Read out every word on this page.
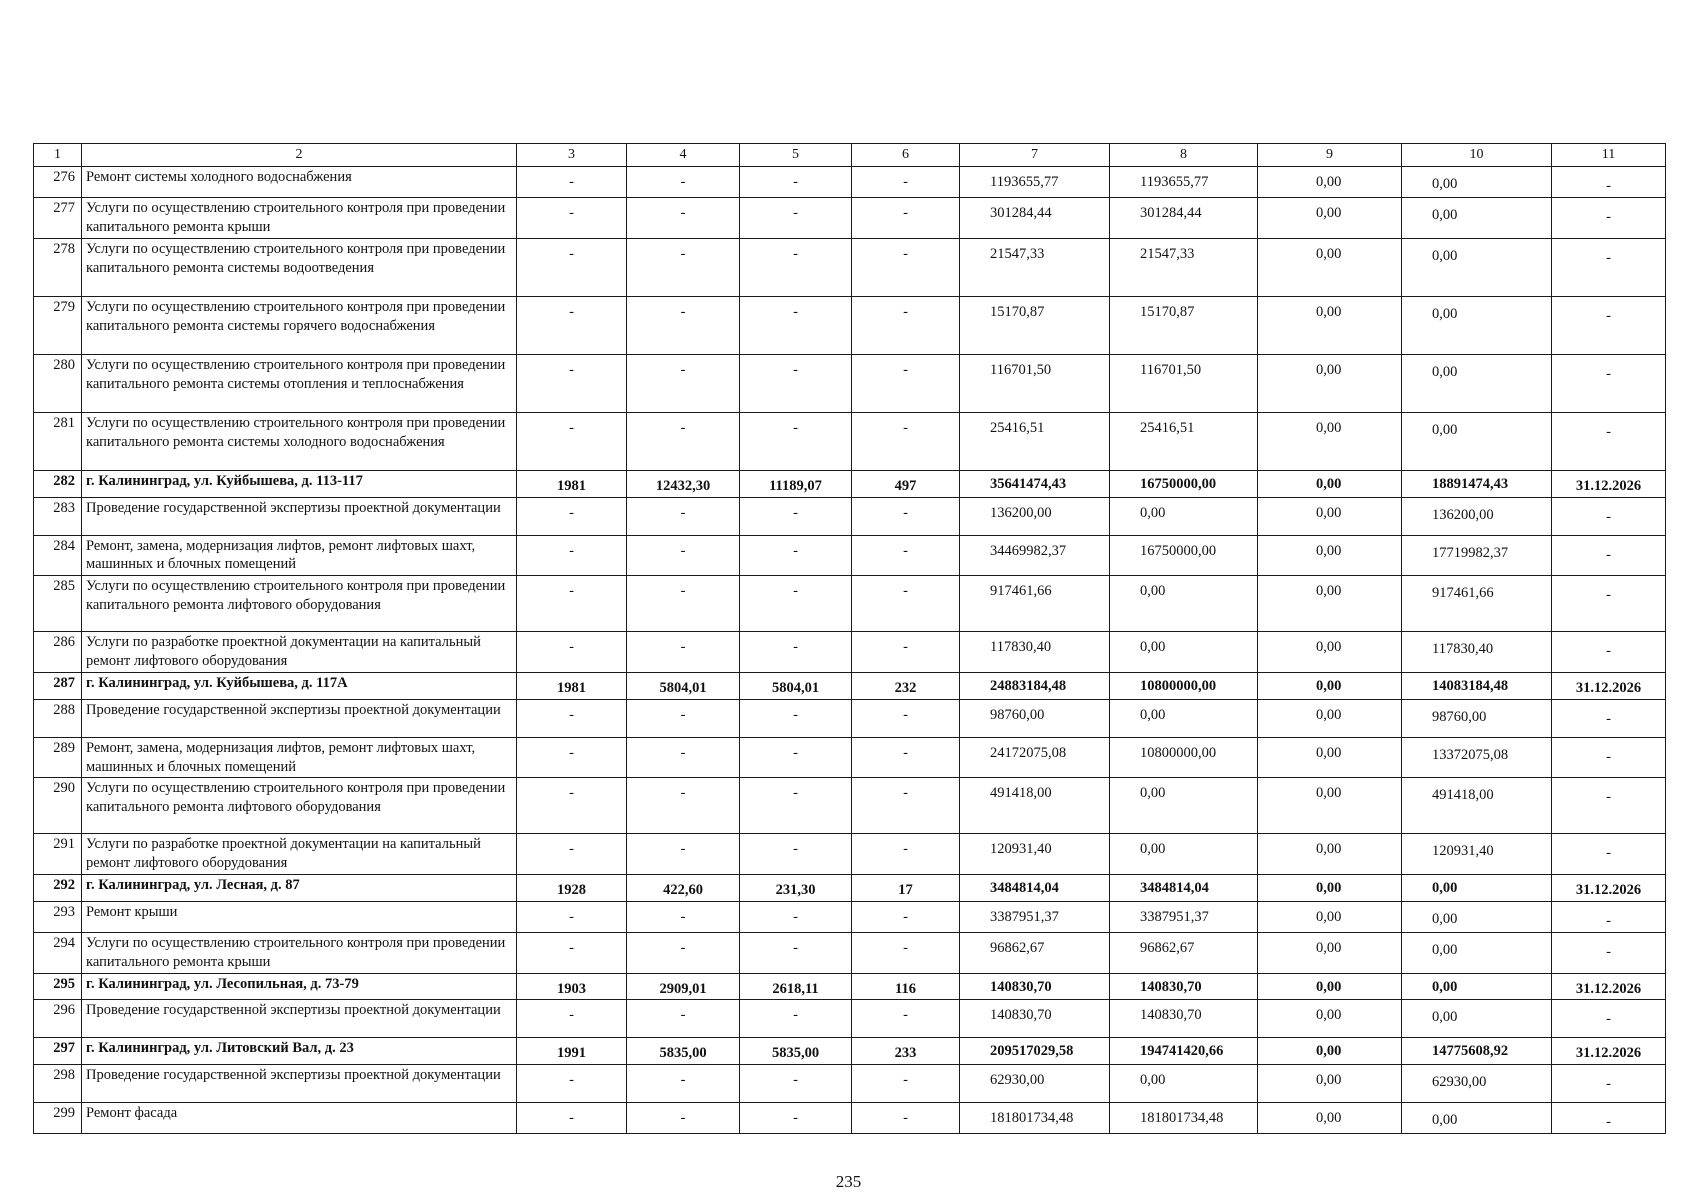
1	2	3	4	5	6	7	8	9	10	11
276	Ремонт системы холодного водоснабжения	-	-	-	-	1193655,77	1193655,77	0,00	0,00	-
277	Услуги по осуществлению строительного контроля при проведении капитального ремонта крыши	-	-	-	-	301284,44	301284,44	0,00	0,00	-
278	Услуги по осуществлению строительного контроля при проведении капитального ремонта системы водоотведения	-	-	-	-	21547,33	21547,33	0,00	0,00	-
279	Услуги по осуществлению строительного контроля при проведении капитального ремонта системы горячего водоснабжения	-	-	-	-	15170,87	15170,87	0,00	0,00	-
280	Услуги по осуществлению строительного контроля при проведении капитального ремонта системы отопления и теплоснабжения	-	-	-	-	116701,50	116701,50	0,00	0,00	-
281	Услуги по осуществлению строительного контроля при проведении капитального ремонта системы холодного водоснабжения	-	-	-	-	25416,51	25416,51	0,00	0,00	-
282	г. Калининград, ул. Куйбышева, д. 113-117	1981	12432,30	11189,07	497	35641474,43	16750000,00	0,00	18891474,43	31.12.2026
283	Проведение государственной экспертизы проектной документации	-	-	-	-	136200,00	0,00	0,00	136200,00	-
284	Ремонт, замена, модернизация лифтов, ремонт лифтовых шахт, машинных и блочных помещений	-	-	-	-	34469982,37	16750000,00	0,00	17719982,37	-
285	Услуги по осуществлению строительного контроля при проведении капитального ремонта лифтового оборудования	-	-	-	-	917461,66	0,00	0,00	917461,66	-
286	Услуги по разработке проектной документации на капитальный ремонт лифтового оборудования	-	-	-	-	117830,40	0,00	0,00	117830,40	-
287	г. Калининград, ул. Куйбышева, д. 117А	1981	5804,01	5804,01	232	24883184,48	10800000,00	0,00	14083184,48	31.12.2026
288	Проведение государственной экспертизы проектной документации	-	-	-	-	98760,00	0,00	0,00	98760,00	-
289	Ремонт, замена, модернизация лифтов, ремонт лифтовых шахт, машинных и блочных помещений	-	-	-	-	24172075,08	10800000,00	0,00	13372075,08	-
290	Услуги по осуществлению строительного контроля при проведении капитального ремонта лифтового оборудования	-	-	-	-	491418,00	0,00	0,00	491418,00	-
291	Услуги по разработке проектной документации на капитальный ремонт лифтового оборудования	-	-	-	-	120931,40	0,00	0,00	120931,40	-
292	г. Калининград, ул. Лесная, д. 87	1928	422,60	231,30	17	3484814,04	3484814,04	0,00	0,00	31.12.2026
293	Ремонт крыши	-	-	-	-	3387951,37	3387951,37	0,00	0,00	-
294	Услуги по осуществлению строительного контроля при проведении капитального ремонта крыши	-	-	-	-	96862,67	96862,67	0,00	0,00	-
295	г. Калининград, ул. Лесопильная, д. 73-79	1903	2909,01	2618,11	116	140830,70	140830,70	0,00	0,00	31.12.2026
296	Проведение государственной экспертизы проектной документации	-	-	-	-	140830,70	140830,70	0,00	0,00	-
297	г. Калининград, ул. Литовский Вал, д. 23	1991	5835,00	5835,00	233	209517029,58	194741420,66	0,00	14775608,92	31.12.2026
298	Проведение государственной экспертизы проектной документации	-	-	-	-	62930,00	0,00	0,00	62930,00	-
299	Ремонт фасада	-	-	-	-	181801734,48	181801734,48	0,00	0,00	-
235
